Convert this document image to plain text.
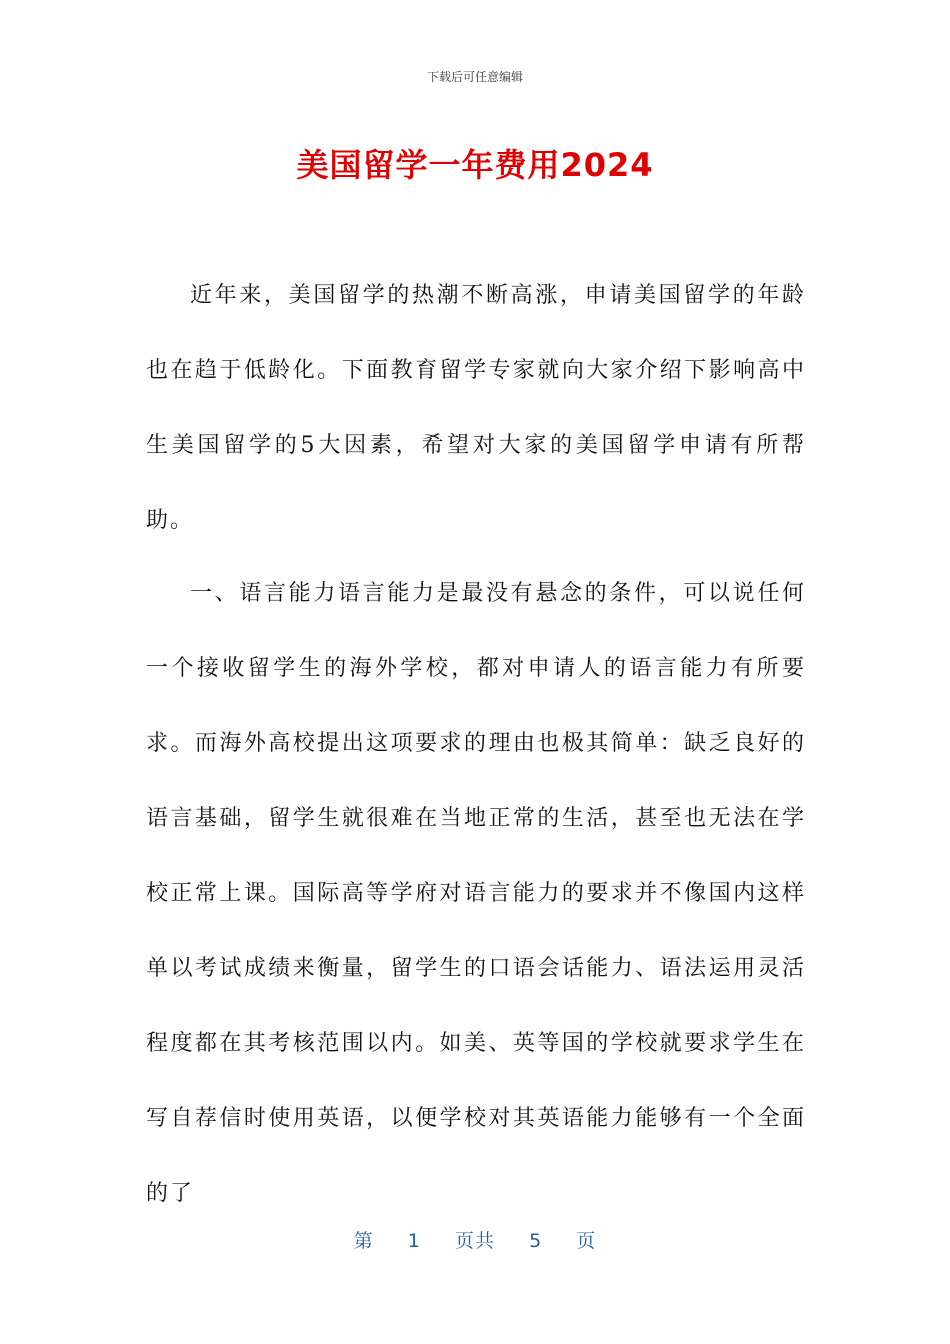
下载后可任意编辑
美国留学一年费用2024

近年来，美国留学的热潮不断高涨，申请美国留学的年龄也在趋于低龄化。下面教育留学专家就向大家介绍下影响高中生美国留学的5大因素，希望对大家的美国留学申请有所帮助。

一、语言能力语言能力是最没有悬念的条件，可以说任何一个接收留学生的海外学校，都对申请人的语言能力有所要求。而海外高校提出这项要求的理由也极其简单：缺乏良好的语言基础，留学生就很难在当地正常的生活，甚至也无法在学校正常上课。国际高等学府对语言能力的要求并不像国内这样单以考试成绩来衡量，留学生的口语会话能力、语法运用灵活程度都在其考核范围以内。如美、英等国的学校就要求学生在写自荐信时使用英语，以便学校对其英语能力能够有一个全面的了

第 1 页共 5 页
